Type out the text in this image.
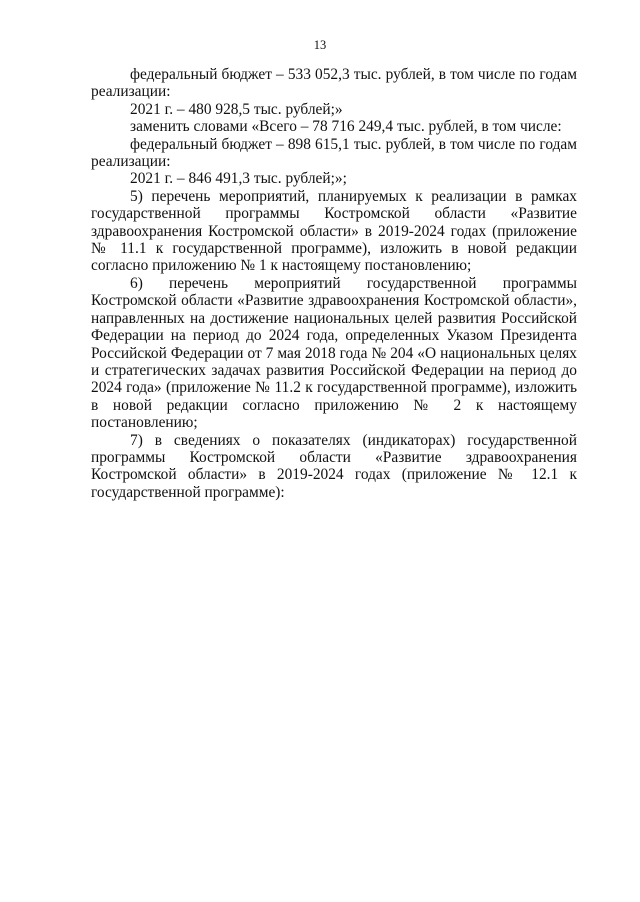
13

федеральный бюджет – 533 052,3 тыс. рублей, в том числе по годам реализации:

2021 г. – 480 928,5 тыс. рублей;»

заменить словами «Всего – 78 716 249,4 тыс. рублей, в том числе:

федеральный бюджет – 898 615,1 тыс. рублей, в том числе по годам реализации:

2021 г. – 846 491,3 тыс. рублей;»;

5) перечень мероприятий, планируемых к реализации в рамках государственной программы Костромской области «Развитие здравоохранения Костромской области» в 2019-2024 годах (приложение № 11.1 к государственной программе), изложить в новой редакции согласно приложению № 1 к настоящему постановлению;

6) перечень мероприятий государственной программы Костромской области «Развитие здравоохранения Костромской области», направленных на достижение национальных целей развития Российской Федерации на период до 2024 года, определенных Указом Президента Российской Федерации от 7 мая 2018 года № 204 «О национальных целях и стратегических задачах развития Российской Федерации на период до 2024 года» (приложение № 11.2 к государственной программе), изложить в новой редакции согласно приложению № 2 к настоящему постановлению;

7) в сведениях о показателях (индикаторах) государственной программы Костромской области «Развитие здравоохранения Костромской области» в 2019-2024 годах (приложение № 12.1 к государственной программе):
